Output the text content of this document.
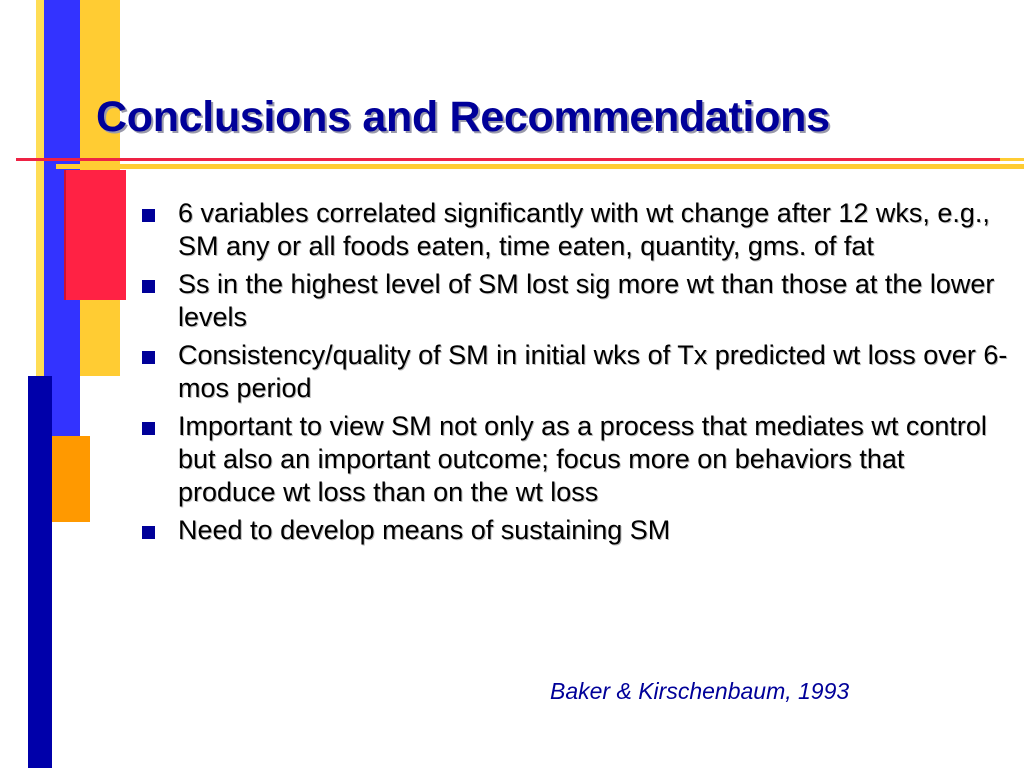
Conclusions and Recommendations
6 variables correlated significantly with wt change after 12 wks, e.g., SM any or all foods eaten, time eaten, quantity, gms. of fat
Ss in the highest level of SM lost sig more wt than those at the lower levels
Consistency/quality of SM in initial wks of Tx predicted wt loss over 6-mos period
Important to view SM not only as a process that mediates wt control but also an important outcome; focus more on behaviors that produce wt loss than on the wt loss
Need to develop means of sustaining SM
Baker & Kirschenbaum, 1993
